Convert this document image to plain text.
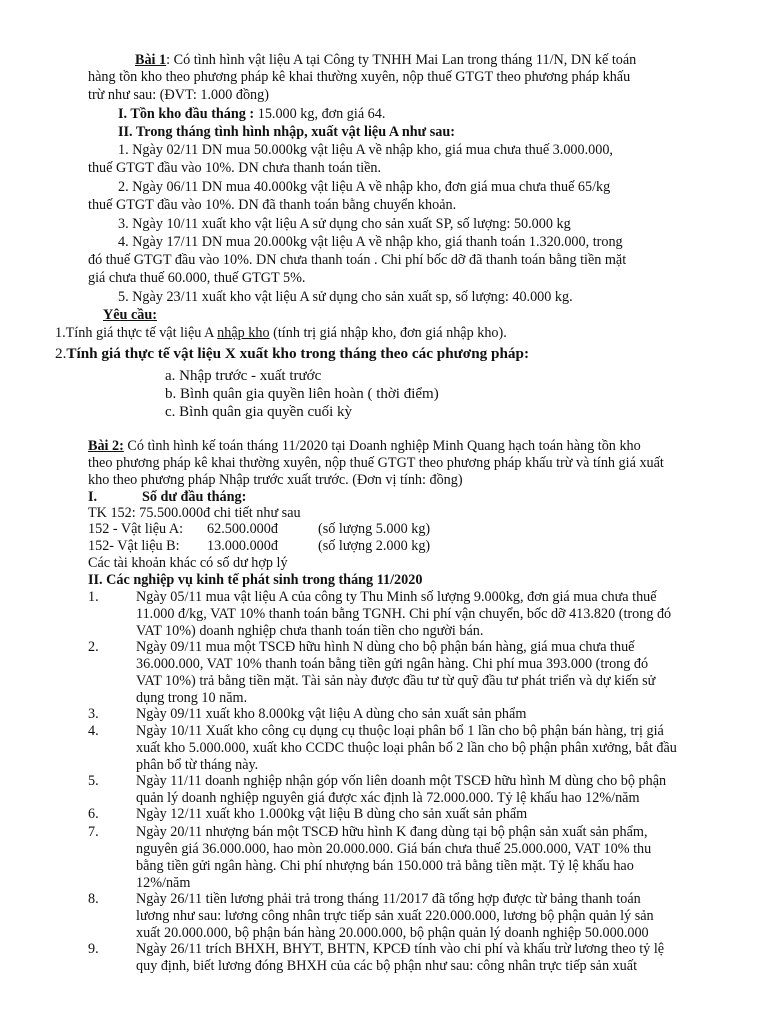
Bài 1: Có tình hình vật liệu A tại Công ty TNHH Mai Lan trong tháng 11/N, DN kế toán
hàng tồn kho theo phương pháp kê khai thường xuyên, nộp thuế GTGT theo phương pháp khấu
trừ như sau: (ĐVT: 1.000 đồng)
I. Tồn kho đầu tháng : 15.000 kg, đơn giá 64.
II. Trong tháng tình hình nhập, xuất vật liệu A như sau:
1. Ngày 02/11 DN mua 50.000kg vật liệu A về nhập kho, giá mua chưa thuế 3.000.000,
thuế GTGT đầu vào 10%. DN chưa thanh toán tiền.
2. Ngày 06/11 DN mua 40.000kg vật liệu A về nhập kho, đơn giá mua chưa thuế 65/kg
thuế GTGT đầu vào 10%. DN đã thanh toán bằng chuyển khoản.
3. Ngày 10/11 xuất kho vật liệu A sử dụng cho sản xuất SP, số lượng: 50.000 kg
4. Ngày 17/11 DN mua 20.000kg vật liệu A về nhập kho, giá thanh toán 1.320.000, trong
đó thuế GTGT đầu vào 10%. DN chưa thanh toán . Chi phí bốc dỡ đã thanh toán bằng tiền mặt
giá chưa thuế 60.000, thuế GTGT 5%.
5. Ngày 23/11 xuất kho vật liệu A sử dụng cho sản xuất sp, số lượng: 40.000 kg.
Yêu cầu:
1.Tính giá thực tế vật liệu A nhập kho (tính trị giá nhập kho, đơn giá nhập kho).
2.Tính giá thực tế vật liệu X xuất kho trong tháng theo các phương pháp:
a. Nhập trước - xuất trước
b. Bình quân gia quyền liên hoàn ( thời điểm)
c. Bình quân gia quyền cuối kỳ
Bài 2: Có tình hình kế toán tháng 11/2020 tại Doanh nghiệp Minh Quang hạch toán hàng tồn kho
theo phương pháp kê khai thường xuyên, nộp thuế GTGT theo phương pháp khấu trừ và tính giá xuất
kho theo phương pháp Nhập trước xuất trước. (Đơn vị tính: đồng)
I.	Số dư đầu tháng:
TK 152: 75.500.000đ chi tiết như sau
152 - Vật liệu A: 62.500.000đ	(số lượng 5.000 kg)
152- Vật liệu B: 13.000.000đ	(số lượng 2.000 kg)
Các tài khoản khác có số dư hợp lý
II. Các nghiệp vụ kinh tế phát sinh trong tháng 11/2020
1.	Ngày 05/11 mua vật liệu A của công ty Thu Minh số lượng 9.000kg, đơn giá mua chưa thuế
11.000 đ/kg, VAT 10% thanh toán bằng TGNH. Chi phí vận chuyển, bốc dỡ 413.820 (trong đó
VAT 10%) doanh nghiệp chưa thanh toán tiền cho người bán.
2.	Ngày 09/11 mua một TSCĐ hữu hình N dùng cho bộ phận bán hàng, giá mua chưa thuế
36.000.000, VAT 10% thanh toán bằng tiền gửi ngân hàng. Chi phí mua 393.000 (trong đó
VAT 10%) trả bằng tiền mặt. Tài sản này được đầu tư từ quỹ đầu tư phát triển và dự kiến sử
dụng trong 10 năm.
3.	Ngày 09/11 xuất kho 8.000kg vật liệu A dùng cho sản xuất sản phẩm
4.	Ngày 10/11 Xuất kho công cụ dụng cụ thuộc loại phân bổ 1 lần cho bộ phận bán hàng, trị giá
xuất kho 5.000.000, xuất kho CCDC thuộc loại phân bổ 2 lần cho bộ phận phân xưởng, bắt đầu
phân bổ từ tháng này.
5.	Ngày 11/11 doanh nghiệp nhận góp vốn liên doanh một TSCĐ hữu hình M dùng cho bộ phận
quản lý doanh nghiệp nguyên giá được xác định là 72.000.000. Tỷ lệ khấu hao 12%/năm
6.	Ngày 12/11 xuất kho 1.000kg vật liệu B dùng cho sản xuất sản phẩm
7.	Ngày 20/11 nhượng bán một TSCĐ hữu hình K đang dùng tại bộ phận sản xuất sản phẩm,
nguyên giá 36.000.000, hao mòn 20.000.000. Giá bán chưa thuế 25.000.000, VAT 10% thu
bằng tiền gửi ngân hàng. Chi phí nhượng bán 150.000 trả bằng tiền mặt. Tỷ lệ khấu hao
12%/năm
8.	Ngày 26/11 tiền lương phải trả trong tháng 11/2017 đã tổng hợp được từ bảng thanh toán
lương như sau: lương công nhân trực tiếp sản xuất 220.000.000, lương bộ phận quản lý sản
xuất 20.000.000, bộ phận bán hàng 20.000.000, bộ phận quản lý doanh nghiệp 50.000.000
9.	Ngày 26/11 trích BHXH, BHYT, BHTN, KPCĐ tính vào chi phí và khấu trừ lương theo tỷ lệ
quy định, biết lương đóng BHXH của các bộ phận như sau: công nhân trực tiếp sản xuất
